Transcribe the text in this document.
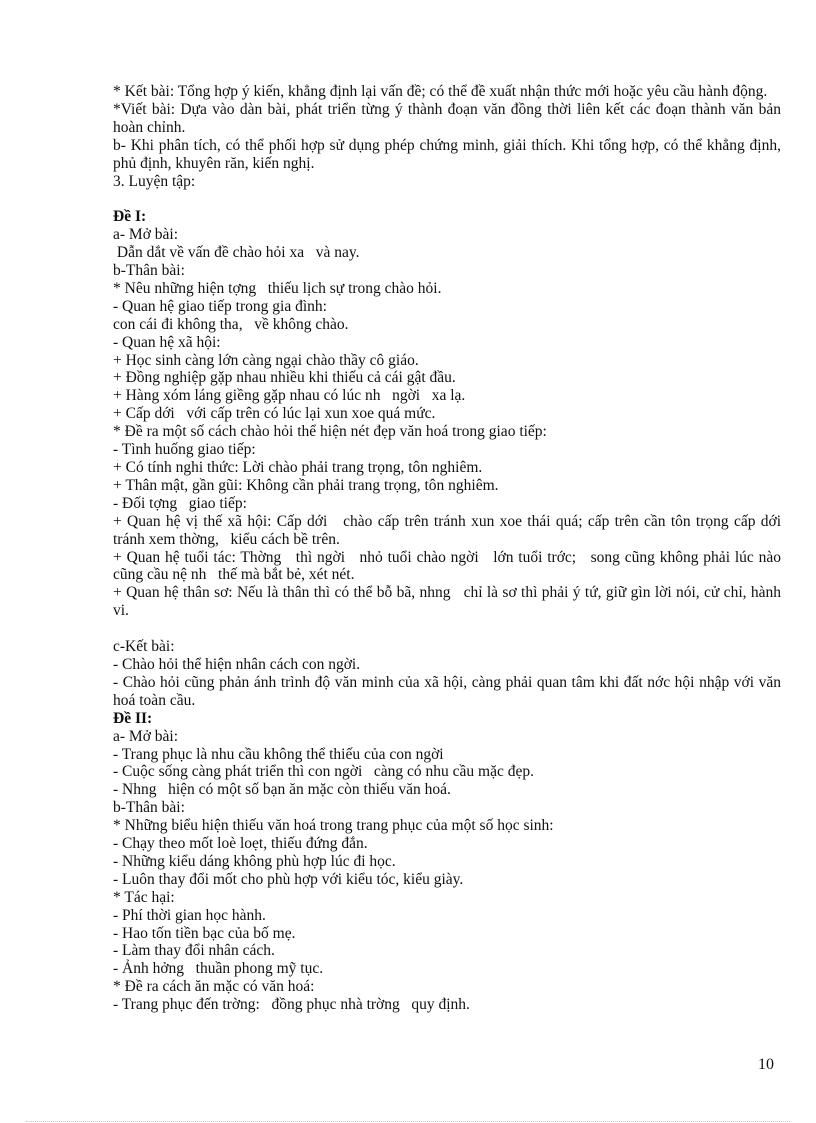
* Kết bài: Tổng hợp ý kiến, khẳng định lại vấn đề; có thể đề xuất nhận thức mới hoặc yêu cầu hành động.
*Viết bài: Dựa vào dàn bài, phát triển từng ý thành đoạn văn đồng thời liên kết các đoạn thành văn bản hoàn chỉnh.
b- Khi phân tích, có thể phối hợp sử dụng phép chứng minh, giải thích. Khi tổng hợp, có thể khẳng định, phủ định, khuyên răn, kiến nghị.
3. Luyện tập:
Đề I:
a- Mở bài:
Dẫn dắt về vấn đề chào hỏi xa   và nay.
b-Thân bài:
* Nêu những hiện tợng   thiếu lịch sự trong chào hỏi.
- Quan hệ giao tiếp trong gia đình:
con cái đi không tha,   về không chào.
- Quan hệ xã hội:
+ Học sinh càng lớn càng ngại chào thầy cô giáo.
+ Đồng nghiệp gặp nhau nhiều khi thiếu cả cái gật đầu.
+ Hàng xóm láng giềng gặp nhau có lúc nh   ngời   xa lạ.
+ Cấp dới   với cấp trên có lúc lại xun xoe quá mức.
* Đề ra một số cách chào hỏi thể hiện nét đẹp văn hoá trong giao tiếp:
- Tình huống giao tiếp:
+ Có tính nghi thức: Lời chào phải trang trọng, tôn nghiêm.
+ Thân mật, gần gũi: Không cần phải trang trọng, tôn nghiêm.
- Đối tợng   giao tiếp:
+ Quan hệ vị thế xã hội: Cấp dới   chào cấp trên tránh xun xoe thái quá; cấp trên cần tôn trọng cấp dới   tránh xem thờng,   kiểu cách bề trên.
+ Quan hệ tuổi tác: Thờng   thì ngời   nhỏ tuổi chào ngời   lớn tuổi trớc;   song cũng không phải lúc nào cũng cầu nệ nh   thế mà bắt bẻ, xét nét.
+ Quan hệ thân sơ: Nếu là thân thì có thể bỗ bã, nhng   chỉ là sơ thì phải ý tứ, giữ gìn lời nói, cử chỉ, hành vi.
c-Kết bài:
- Chào hỏi thể hiện nhân cách con ngời.
- Chào hỏi cũng phản ánh trình độ văn minh của xã hội, càng phải quan tâm khi đất nớc hội nhập với văn hoá toàn cầu.
Đề II:
a- Mở bài:
- Trang phục là nhu cầu không thể thiếu của con ngời
- Cuộc sống càng phát triển thì con ngời   càng có nhu cầu mặc đẹp.
- Nhng   hiện có một số bạn ăn mặc còn thiếu văn hoá.
b-Thân bài:
* Những biểu hiện thiếu văn hoá trong trang phục của một số học sinh:
- Chạy theo mốt loè loẹt, thiếu đứng đắn.
- Những kiểu dáng không phù hợp lúc đi học.
- Luôn thay đổi mốt cho phù hợp với kiểu tóc, kiểu giày.
* Tác hại:
- Phí thời gian học hành.
- Hao tốn tiền bạc của bố mẹ.
- Làm thay đổi nhân cách.
- Ảnh hởng   thuần phong mỹ tục.
* Đề ra cách ăn mặc có văn hoá:
- Trang phục đến trờng:   đồng phục nhà trờng   quy định.
10
